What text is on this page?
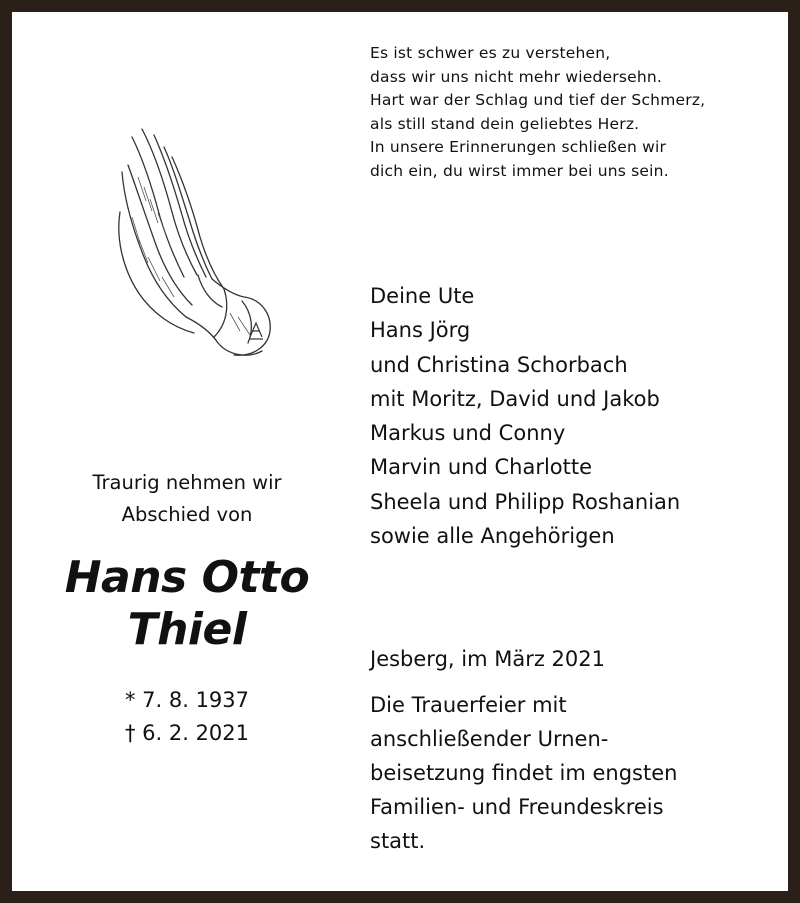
Es ist schwer es zu verstehen,
dass wir uns nicht mehr wiedersehn.
Hart war der Schlag und tief der Schmerz,
als still stand dein geliebtes Herz.
In unsere Erinnerungen schließen wir
dich ein, du wirst immer bei uns sein.
Traurig nehmen wir
Abschied von
Hans Otto
Thiel
* 7. 8. 1937
† 6. 2. 2021
Deine Ute
Hans Jörg
und Christina Schorbach
mit Moritz, David und Jakob
Markus und Conny
Marvin und Charlotte
Sheela und Philipp Roshanian
sowie alle Angehörigen
Jesberg, im März 2021
Die Trauerfeier mit
anschließender Urnen-
beisetzung findet im engsten
Familien- und Freundeskreis
statt.
